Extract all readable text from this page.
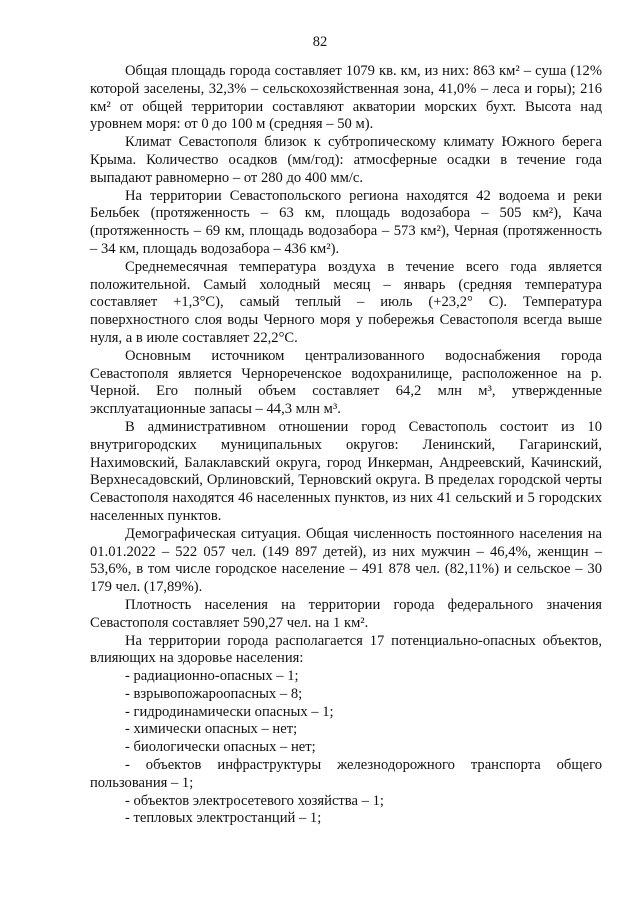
82

Общая площадь города составляет 1079 кв. км, из них: 863 км² – суша (12% которой заселены, 32,3% – сельскохозяйственная зона, 41,0% – леса и горы); 216 км² от общей территории составляют акватории морских бухт. Высота над уровнем моря: от 0 до 100 м (средняя – 50 м).

Климат Севастополя близок к субтропическому климату Южного берега Крыма. Количество осадков (мм/год): атмосферные осадки в течение года выпадают равномерно – от 280 до 400 мм/с.

На территории Севастопольского региона находятся 42 водоема и реки Бельбек (протяженность – 63 км, площадь водозабора – 505 км²), Кача (протяженность – 69 км, площадь водозабора – 573 км²), Черная (протяженность – 34 км, площадь водозабора – 436 км²).

Среднемесячная температура воздуха в течение всего года является положительной. Самый холодный месяц – январь (средняя температура составляет +1,3°С), самый теплый – июль (+23,2° С). Температура поверхностного слоя воды Черного моря у побережья Севастополя всегда выше нуля, а в июле составляет 22,2°С.

Основным источником централизованного водоснабжения города Севастополя является Чернореченское водохранилище, расположенное на р. Черной. Его полный объем составляет 64,2 млн м³, утвержденные эксплуатационные запасы – 44,3 млн м³.

В административном отношении город Севастополь состоит из 10 внутригородских муниципальных округов: Ленинский, Гагаринский, Нахимовский, Балаклавский округа, город Инкерман, Андреевский, Качинский, Верхнесадовский, Орлиновский, Терновский округа. В пределах городской черты Севастополя находятся 46 населенных пунктов, из них 41 сельский и 5 городских населенных пунктов.

Демографическая ситуация. Общая численность постоянного населения на 01.01.2022 – 522 057 чел. (149 897 детей), из них мужчин – 46,4%, женщин – 53,6%, в том числе городское население – 491 878 чел. (82,11%) и сельское – 30 179 чел. (17,89%).

Плотность населения на территории города федерального значения Севастополя составляет 590,27 чел. на 1 км².

На территории города располагается 17 потенциально-опасных объектов, влияющих на здоровье населения:

- радиационно-опасных – 1;

- взрывопожароопасных – 8;

- гидродинамически опасных – 1;

- химически опасных – нет;

- биологически опасных – нет;

- объектов инфраструктуры железнодорожного транспорта общего пользования – 1;

- объектов электросетевого хозяйства – 1;

- тепловых электростанций – 1;
